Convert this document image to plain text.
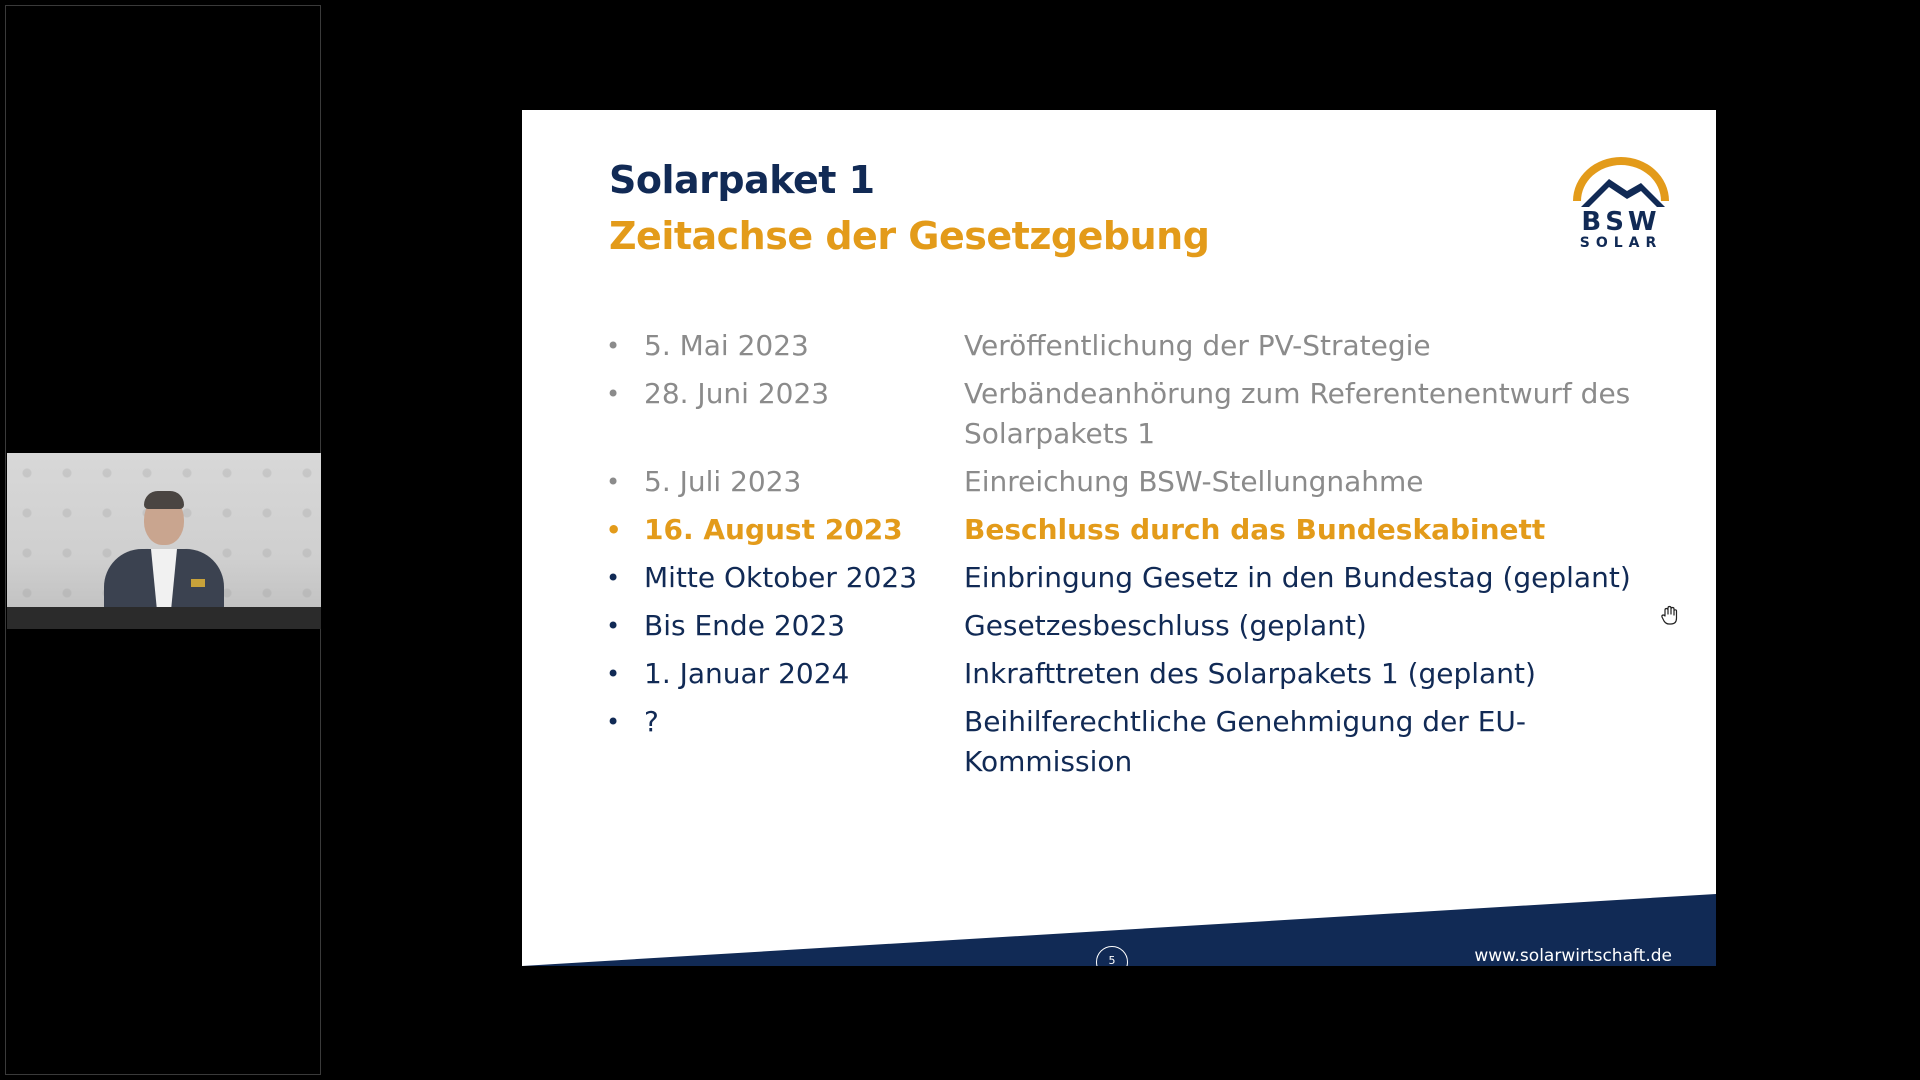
Solarpaket 1
Zeitachse der Gesetzgebung	BSW
SOLAR
• 5. Mai 2023	Veröffentlichung der PV-Strategie
• 28. Juni 2023	Verbändeanhörung zum Referentenentwurf des Solarpakets 1
• 5. Juli 2023	Einreichung BSW-Stellungnahme
• 16. August 2023	Beschluss durch das Bundeskabinett
• Mitte Oktober 2023	Einbringung Gesetz in den Bundestag (geplant)
• Bis Ende 2023	Gesetzesbeschluss (geplant)
• 1. Januar 2024	Inkrafttreten des Solarpakets 1 (geplant)
• ?	Beihilferechtliche Genehmigung der EU-Kommission
5	www.solarwirtschaft.de
